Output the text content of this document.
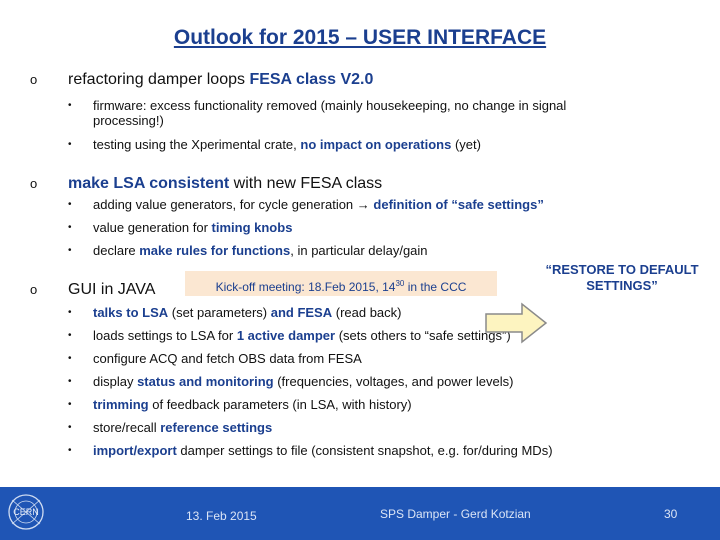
Outlook for 2015 – USER INTERFACE
o refactoring damper loops FESA class V2.0
• firmware: excess functionality removed (mainly housekeeping, no change in signal processing!)
• testing using the Xperimental crate, no impact on operations (yet)
o make LSA consistent with new FESA class
• adding value generators, for cycle generation → definition of “safe settings”
• value generation for timing knobs
• declare make rules for functions, in particular delay/gain
o GUI in JAVA	Kick-off meeting: 18.Feb 2015, $14^{30}$ in the CCC
“RESTORE TO DEFAULT SETTINGS”
• talks to LSA (set parameters) and FESA (read back)
• loads settings to LSA for 1 active damper (sets others to “safe settings”)
• configure ACQ and fetch OBS data from FESA
• display status and monitoring (frequencies, voltages, and power levels)
• trimming of feedback parameters (in LSA, with history)
• store/recall reference settings
• import/export damper settings to file (consistent snapshot, e.g. for/during MDs)
CERN	13. Feb 2015	SPS Damper - Gerd Kotzian	30
